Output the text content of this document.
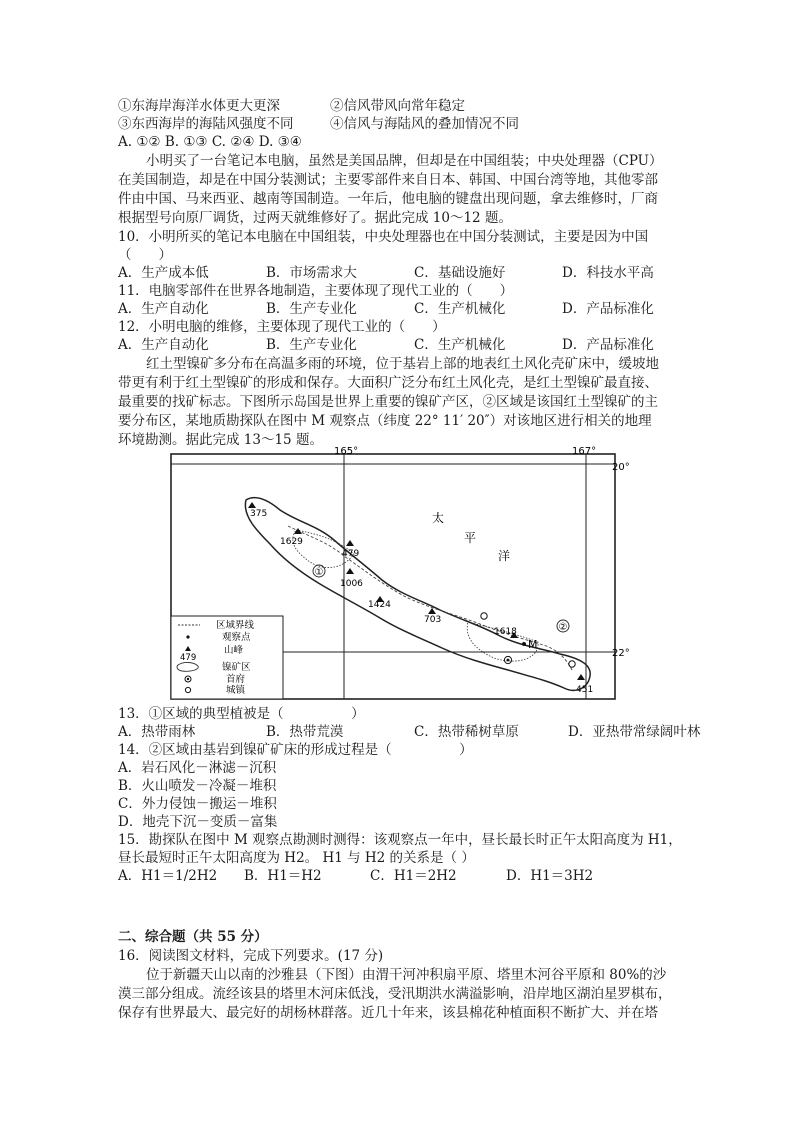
①东海岸海洋水体更大更深	②信风带风向常年稳定
③东西海岸的海陆风强度不同	④信风与海陆风的叠加情况不同
A. ①② B. ①③ C. ②④ D. ③④
小明买了一台笔记本电脑，虽然是美国品牌，但却是在中国组装；中央处理器（CPU）
在美国制造，却是在中国分装测试；主要零部件来自日本、韩国、中国台湾等地，其他零部
件由中国、马来西亚、越南等国制造。一年后，他电脑的键盘出现问题，拿去维修时，厂商
根据型号向原厂调货，过两天就维修好了。据此完成 10～12 题。
10．小明所买的笔记本电脑在中国组装，中央处理器也在中国分装测试，主要是因为中国
（　　）
A．生产成本低	B．市场需求大	C．基础设施好	D．科技水平高
11．电脑零部件在世界各地制造，主要体现了现代工业的（　　）
A．生产自动化	B．生产专业化	C．生产机械化	D．产品标准化
12．小明电脑的维修，主要体现了现代工业的（　　）
A．生产自动化	B．生产专业化	C．生产机械化	D．产品标准化
红土型镍矿多分布在高温多雨的环境，位于基岩上部的地表红土风化壳矿床中，缓坡地
带更有利于红土型镍矿的形成和保存。大面积广泛分布红土风化壳，是红土型镍矿最直接、
最重要的找矿标志。下图所示岛国是世界上重要的镍矿产区，②区域是该国红土型镍矿的主
要分布区，某地质勘探队在图中 M 观察点（纬度 22° 11′ 20″）对该地区进行相关的地理
环境勘测。据此完成 13～15 题。
165°	167°
20°
22°
太
平
洋
①
②
375
1629
479
1006
1424
703
1618
451
M
区域界线
观察点
479
山峰
镍矿区
首府
城镇
13．①区域的典型植被是（　　　　　）
A．热带雨林	B．热带荒漠	C．热带稀树草原	D．亚热带常绿阔叶林
14．②区域由基岩到镍矿矿床的形成过程是（　　　　　）
A．岩石风化－淋滤－沉积
B．火山喷发－冷凝－堆积
C．外力侵蚀－搬运－堆积
D．地壳下沉－变质－富集
15．勘探队在图中 M 观察点勘测时测得：该观察点一年中，昼长最长时正午太阳高度为 H1，
昼长最短时正午太阳高度为 H2。 H1 与 H2 的关系是（ ）
A．H1＝1/2H2 B．H1＝H2	C．H1＝2H2	D．H1＝3H2
二、综合题（共 55 分）
16．阅读图文材料，完成下列要求。(17 分)
位于新疆天山以南的沙雅县（下图）由渭干河冲积扇平原、塔里木河谷平原和 80%的沙
漠三部分组成。流经该县的塔里木河床低浅，受汛期洪水满溢影响，沿岸地区湖泊星罗棋布，
保存有世界最大、最完好的胡杨林群落。近几十年来，该县棉花种植面积不断扩大、并在塔
